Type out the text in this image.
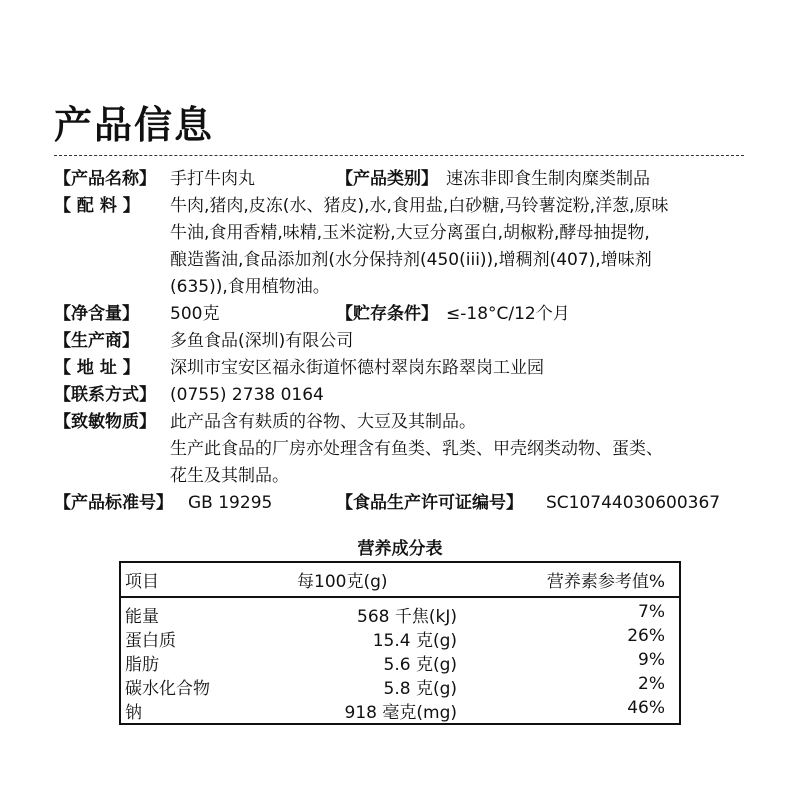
产品信息
【产品名称】 手打牛肉丸	【产品类别】 速冻非即食生制肉糜类制品
【 配 料 】 牛肉,猪肉,皮冻(水、猪皮),水,食用盐,白砂糖,马铃薯淀粉,洋葱,原味
牛油,食用香精,味精,玉米淀粉,大豆分离蛋白,胡椒粉,酵母抽提物,
酿造酱油,食品添加剂(水分保持剂(450(iii)),增稠剂(407),增味剂
(635)),食用植物油。
【净含量】 500克	【贮存条件】 ≤-18°C/12个月
【生产商】 多鱼食品(深圳)有限公司
【 地 址 】 深圳市宝安区福永街道怀德村翠岗东路翠岗工业园
【联系方式】 (0755) 2738 0164
【致敏物质】 此产品含有麸质的谷物、大豆及其制品。
生产此食品的厂房亦处理含有鱼类、乳类、甲壳纲类动物、蛋类、
花生及其制品。
【产品标准号】 GB 19295	【食品生产许可证编号】 SC10744030600367
营养成分表
项目	每100克(g)	营养素参考值%
能量	568 千焦(kJ)	7%
蛋白质	15.4 克(g)	26%
脂肪	5.6 克(g)	9%
碳水化合物	5.8 克(g)	2%
钠	918 毫克(mg)	46%
